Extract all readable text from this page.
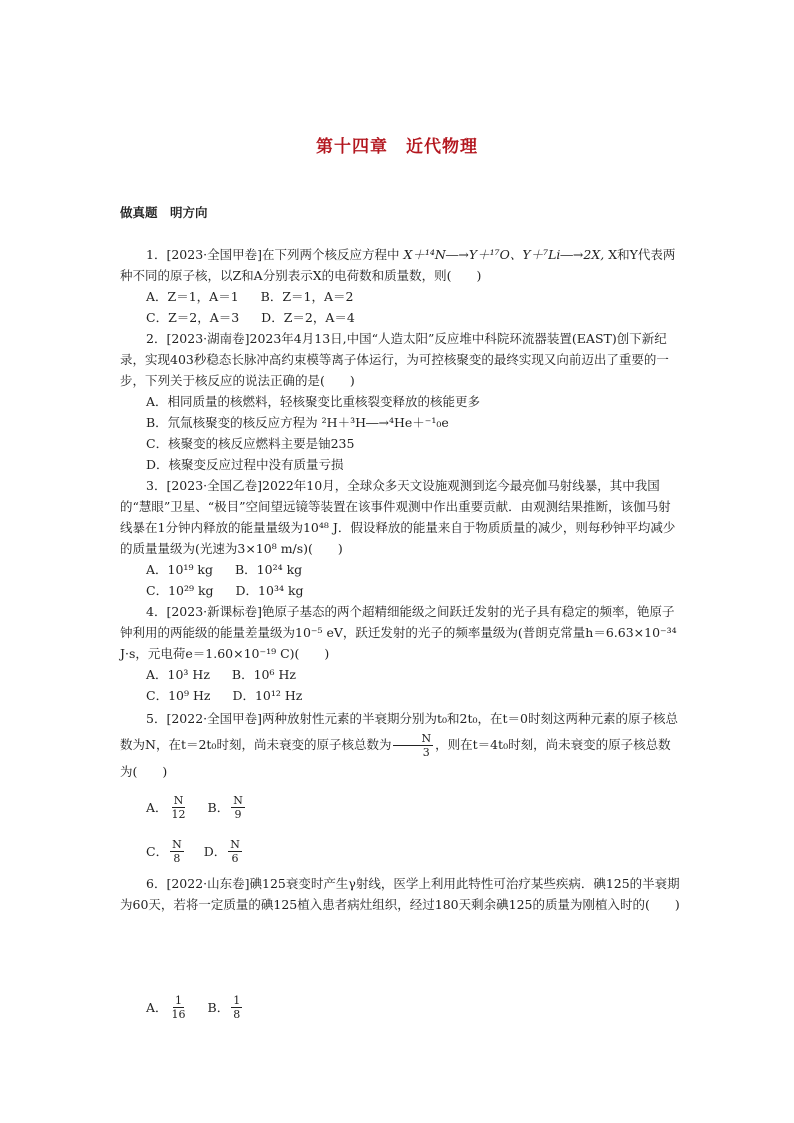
第十四章　近代物理
做真题　明方向

1．[2023·全国甲卷]在下列两个核反应方程中 X＋¹⁴N―→Y＋¹⁷O、Y＋⁷Li―→2X, X和Y代表两种不同的原子核，以Z和A分别表示X的电荷数和质量数，则(　　)

A．Z＝1，A＝1 B．Z＝1，A＝2
C．Z＝2，A＝3 D．Z＝2，A＝4

2．[2023·湖南卷]2023年4月13日,中国“人造太阳”反应堆中科院环流器装置(EAST)创下新纪录，实现403秒稳态长脉冲高约束模等离子体运行，为可控核聚变的最终实现又向前迈出了重要的一步，下列关于核反应的说法正确的是(　　)

A．相同质量的核燃料，轻核聚变比重核裂变释放的核能更多
B．氘氚核聚变的核反应方程为 ²H＋³H―→⁴He＋⁻¹₀e
C．核聚变的核反应燃料主要是铀235
D．核聚变反应过程中没有质量亏损

3．[2023·全国乙卷]2022年10月，全球众多天文设施观测到迄今最亮伽马射线暴，其中我国的“慧眼”卫星、“极目”空间望远镜等装置在该事件观测中作出重要贡献．由观测结果推断，该伽马射线暴在1分钟内释放的能量量级为10⁴⁸ J．假设释放的能量来自于物质质量的减少，则每秒钟平均减少的质量量级为(光速为3×10⁸ m/s)(　　)

A．10¹⁹ kg B．10²⁴ kg
C．10²⁹ kg D．10³⁴ kg

4．[2023·新课标卷]铯原子基态的两个超精细能级之间跃迁发射的光子具有稳定的频率，铯原子钟利用的两能级的能量差量级为10⁻⁵ eV，跃迁发射的光子的频率量级为(普朗克常量h＝6.63×10⁻³⁴ J·s，元电荷e＝1.60×10⁻¹⁹ C)(　　)

A．10³ Hz B．10⁶ Hz
C．10⁹ Hz D．10¹² Hz

5．[2022·全国甲卷]两种放射性元素的半衰期分别为t₀和2t₀，在t＝0时刻这两种元素的原子核总数为N，在t＝2t₀时刻，尚未衰变的原子核总数为 $\frac{N}{3}$ ，则在t＝4t₀时刻，尚未衰变的原子核总数为(　　)

A． $\frac{N}{12}$ B． $\frac{N}{9}$
C． $\frac{N}{8}$ D． $\frac{N}{6}$

6．[2022·山东卷]碘125衰变时产生γ射线，医学上利用此特性可治疗某些疾病．碘125的半衰期为60天，若将一定质量的碘125植入患者病灶组织，经过180天剩余碘125的质量为刚植入时的(　　)

A． $\frac{1}{16}$ B． $\frac{1}{8}$
